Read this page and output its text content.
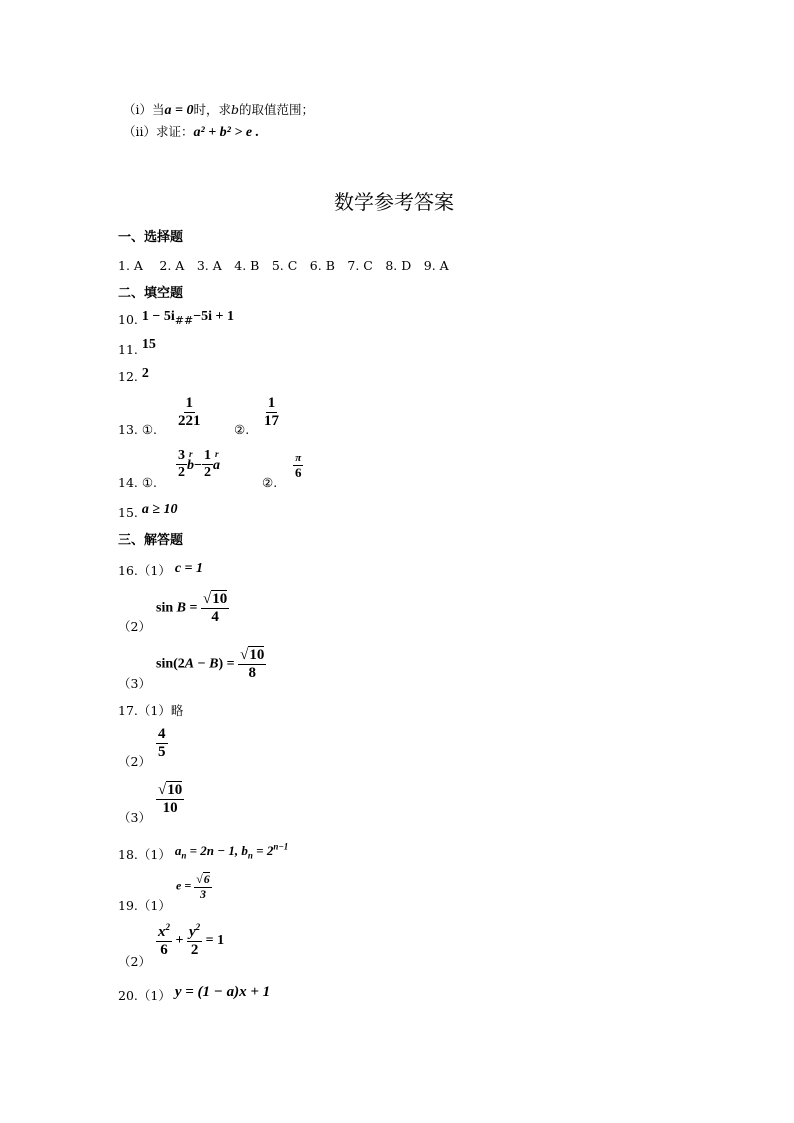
（i）当a = 0时，求b的取值范围；
（ii）求证：a² + b² > e .
数学参考答案
一、选择题
1. A　 2. A　3. A　4. B　5. C　6. B　7. C　8. D　9. A
二、填空题
10. 1 − 5i##−5i + 1
11. 15
12. 2
13. ①. $\frac{1}{221}$	②. $\frac{1}{17}$
14. ①.
$\frac{3}{2}$ b
r
− $\frac{1}{2}$ a
r
②.
$\frac{\pi}{6}$
15. a ≥ 10
三、解答题
16.（1） c = 1
（2）
$\sin B = \frac{√10}{4}$
（3）
$\sin(2A - B) = \frac{√10}{8}$
17.（1）略
$(2) \frac{4}{5}$
$(3) \frac{√10}{10}$
18.（1） $a_n = 2n - 1$, $b_n = 2^{n-1}$
19.（1）
$e = \frac{√6}{3}$
（2）
$\frac{x^2}{6} + \frac{y^2}{2} = 1$
20.（1） y = (1 − a)x + 1
